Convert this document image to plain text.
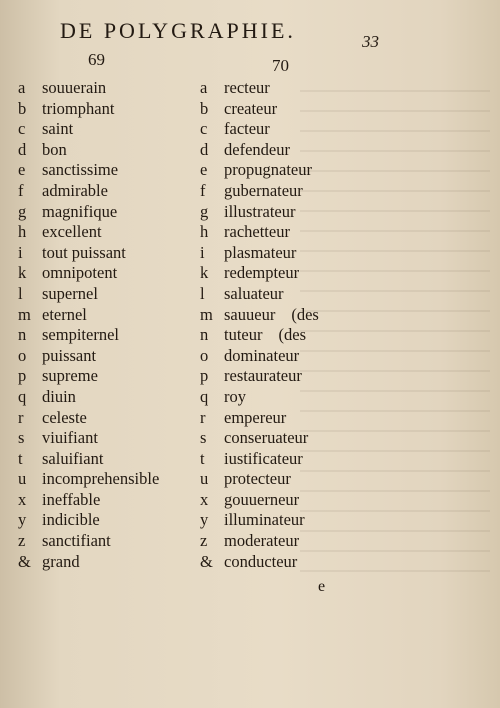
DE POLYGRAPHIE.	33
69	70
a souuerain
b triomphant
c saint
d bon
e sanctissime
f admirable
g magnifique
h excellent
i tout puissant
k omnipotent
l supernel
m eternel
n sempiternel
o puissant
p supreme
q diuin
r celeste
s viuifiant
t saluifiant
u incomprehensible
x ineffable
y indicible
z sanctifiant
& grand
a recteur
b createur
c facteur
d defendeur
e propugnateur
f gubernateur
g illustrateur
h rachetteur
i plasmateur
k redempteur
l saluateur
m sauueur (des
n tuteur (des
o dominateur
p restaurateur
q roy
r empereur
s conseruateur
t iustificateur
u protecteur
x gouuerneur
y illuminateur
z moderateur
& conducteur
e
